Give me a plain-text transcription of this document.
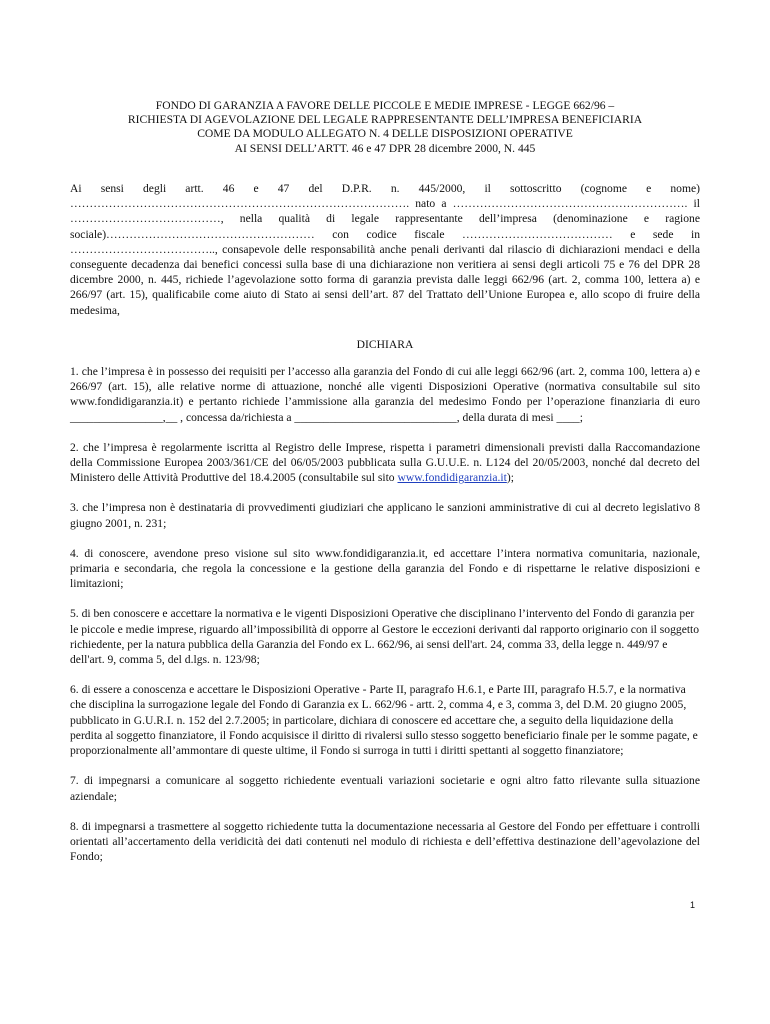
FONDO DI GARANZIA A FAVORE DELLE PICCOLE E MEDIE IMPRESE - LEGGE 662/96 –
RICHIESTA DI AGEVOLAZIONE DEL LEGALE RAPPRESENTANTE DELL’IMPRESA BENEFICIARIA
COME DA MODULO ALLEGATO N. 4 DELLE DISPOSIZIONI OPERATIVE
AI SENSI DELL’ARTT. 46 e 47 DPR 28 dicembre 2000, N. 445

Ai sensi degli artt. 46 e 47 del D.P.R. n. 445/2000, il sottoscritto (cognome e nome) ……………………………………………………………………………. nato a ……………………………………………………. il …………………………………, nella qualità di legale rappresentante dell’impresa (denominazione e ragione sociale)……………………………………………… con codice fiscale ………………………………… e sede in ……………………………….., consapevole delle responsabilità anche penali derivanti dal rilascio di dichiarazioni mendaci e della conseguente decadenza dai benefici concessi sulla base di una dichiarazione non veritiera ai sensi degli articoli 75 e 76 del DPR 28 dicembre 2000, n. 445, richiede l’agevolazione sotto forma di garanzia prevista dalle leggi 662/96 (art. 2, comma 100, lettera a) e 266/97 (art. 15), qualificabile come aiuto di Stato ai sensi dell’art. 87 del Trattato dell’Unione Europea e, allo scopo di fruire della medesima,

DICHIARA

1. che l’impresa è in possesso dei requisiti per l’accesso alla garanzia del Fondo di cui alle leggi 662/96 (art. 2, comma 100, lettera a) e 266/97 (art. 15), alle relative norme di attuazione, nonché alle vigenti Disposizioni Operative (normativa consultabile sul sito www.fondidigaranzia.it) e pertanto richiede l’ammissione alla garanzia del medesimo Fondo per l’operazione finanziaria di euro ________________,__ , concessa da/richiesta a ____________________________, della durata di mesi ____;

2. che l’impresa è regolarmente iscritta al Registro delle Imprese, rispetta i parametri dimensionali previsti dalla Raccomandazione della Commissione Europea 2003/361/CE del 06/05/2003 pubblicata sulla G.U.U.E. n. L124 del 20/05/2003, nonché dal decreto del Ministero delle Attività Produttive del 18.4.2005 (consultabile sul sito www.fondidigaranzia.it);

3. che l’impresa non è destinataria di provvedimenti giudiziari che applicano le sanzioni amministrative di cui al decreto legislativo 8 giugno 2001, n. 231;

4. di conoscere, avendone preso visione sul sito www.fondidigaranzia.it, ed accettare l’intera normativa comunitaria, nazionale, primaria e secondaria, che regola la concessione e la gestione della garanzia del Fondo e di rispettarne le relative disposizioni e limitazioni;

5. di ben conoscere e accettare la normativa e le vigenti Disposizioni Operative che disciplinano l’intervento del Fondo di garanzia per le piccole e medie imprese, riguardo all’impossibilità di opporre al Gestore le eccezioni derivanti dal rapporto originario con il soggetto richiedente, per la natura pubblica della Garanzia del Fondo ex L. 662/96, ai sensi dell'art. 24, comma 33, della legge n. 449/97 e dell'art. 9, comma 5, del d.lgs. n. 123/98;

6. di essere a conoscenza e accettare le Disposizioni Operative - Parte II, paragrafo H.6.1, e Parte III, paragrafo H.5.7, e la normativa che disciplina la surrogazione legale del Fondo di Garanzia ex L. 662/96 - artt. 2, comma 4, e 3, comma 3, del D.M. 20 giugno 2005, pubblicato in G.U.R.I. n. 152 del 2.7.2005; in particolare, dichiara di conoscere ed accettare che, a seguito della liquidazione della perdita al soggetto finanziatore, il Fondo acquisisce il diritto di rivalersi sullo stesso soggetto beneficiario finale per le somme pagate, e proporzionalmente all’ammontare di queste ultime, il Fondo si surroga in tutti i diritti spettanti al soggetto finanziatore;

7. di impegnarsi a comunicare al soggetto richiedente eventuali variazioni societarie e ogni altro fatto rilevante sulla situazione aziendale;

8. di impegnarsi a trasmettere al soggetto richiedente tutta la documentazione necessaria al Gestore del Fondo per effettuare i controlli orientati all’accertamento della veridicità dei dati contenuti nel modulo di richiesta e dell’effettiva destinazione dell’agevolazione del Fondo;

1
